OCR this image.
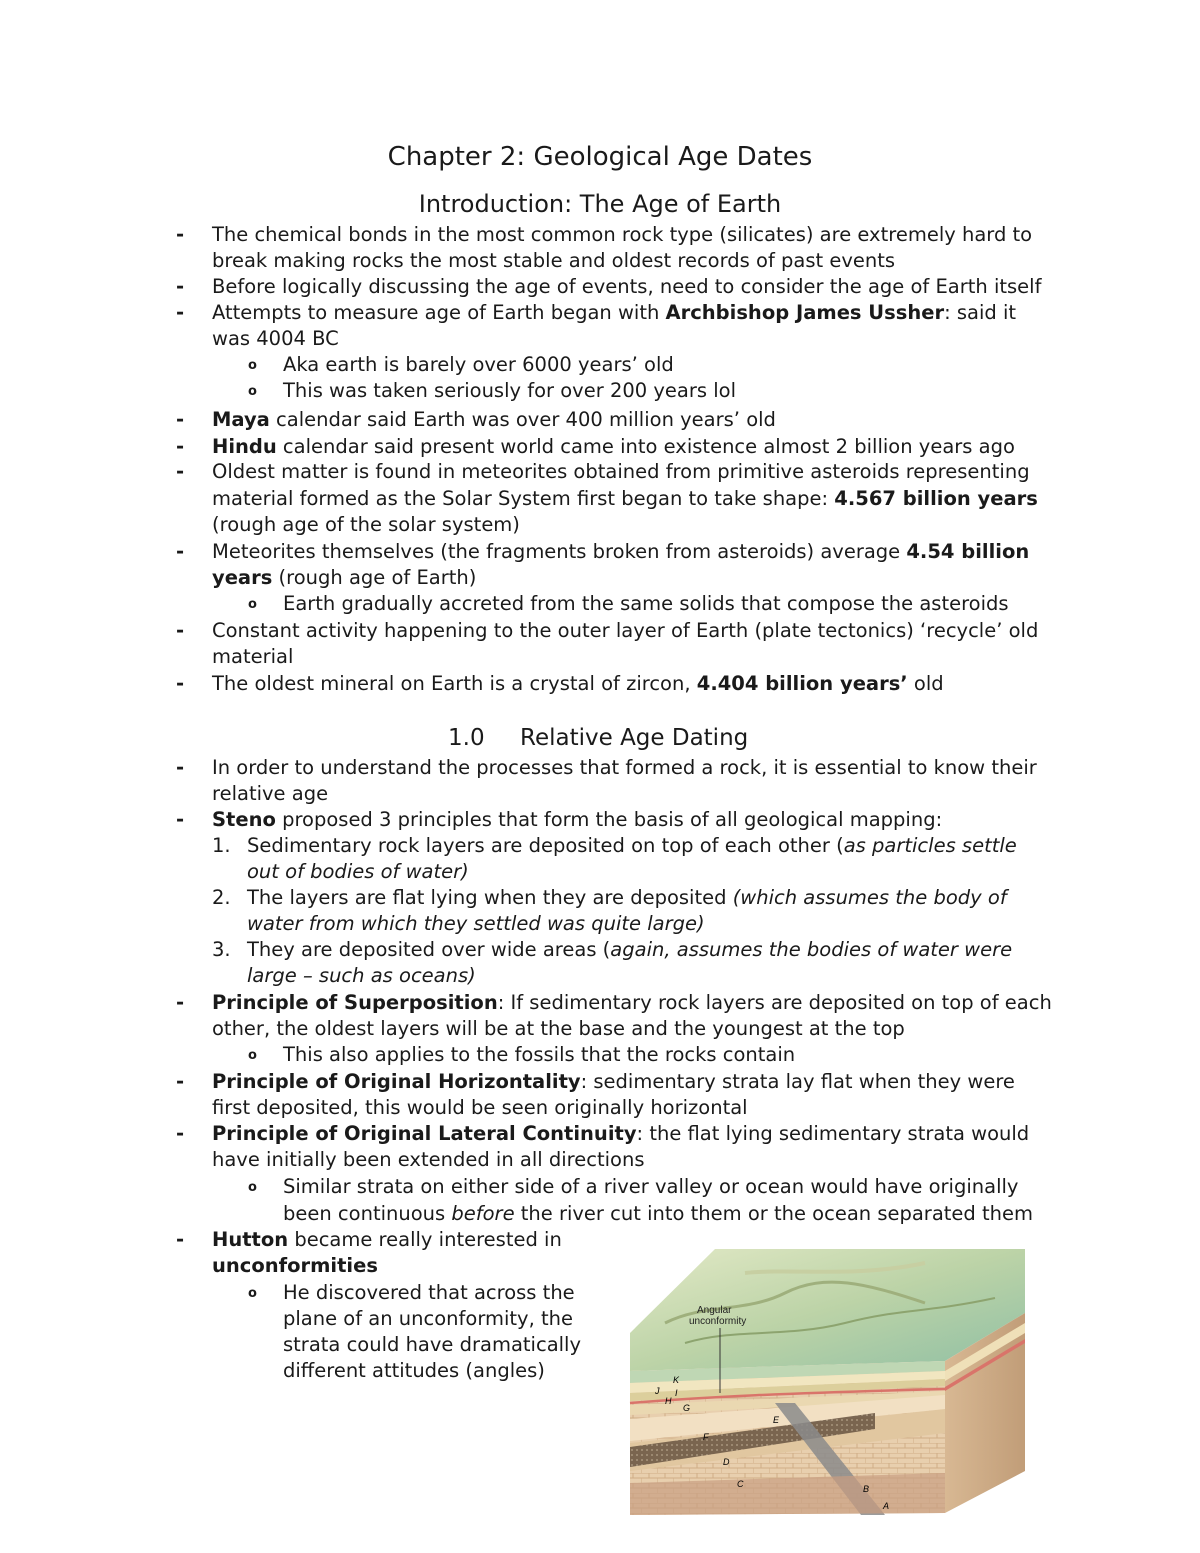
Chapter 2: Geological Age Dates
Introduction: The Age of Earth
- The chemical bonds in the most common rock type (silicates) are extremely hard to
break making rocks the most stable and oldest records of past events
- Before logically discussing the age of events, need to consider the age of Earth itself
- Attempts to measure age of Earth began with Archbishop James Ussher: said it
was 4004 BC
o Aka earth is barely over 6000 years’ old
o This was taken seriously for over 200 years lol
- Maya calendar said Earth was over 400 million years’ old
- Hindu calendar said present world came into existence almost 2 billion years ago
- Oldest matter is found in meteorites obtained from primitive asteroids representing
material formed as the Solar System first began to take shape: 4.567 billion years
(rough age of the solar system)
- Meteorites themselves (the fragments broken from asteroids) average 4.54 billion
years (rough age of Earth)
o Earth gradually accreted from the same solids that compose the asteroids
- Constant activity happening to the outer layer of Earth (plate tectonics) ‘recycle’ old
material
- The oldest mineral on Earth is a crystal of zircon, 4.404 billion years’ old
1.0 Relative Age Dating
- In order to understand the processes that formed a rock, it is essential to know their
relative age
- Steno proposed 3 principles that form the basis of all geological mapping:
1. Sedimentary rock layers are deposited on top of each other (as particles settle
out of bodies of water)
2. The layers are flat lying when they are deposited (which assumes the body of
water from which they settled was quite large)
3. They are deposited over wide areas (again, assumes the bodies of water were
large – such as oceans)
- Principle of Superposition: If sedimentary rock layers are deposited on top of each
other, the oldest layers will be at the base and the youngest at the top
o This also applies to the fossils that the rocks contain
- Principle of Original Horizontality: sedimentary strata lay flat when they were
first deposited, this would be seen originally horizontal
- Principle of Original Lateral Continuity: the flat lying sedimentary strata would
have initially been extended in all directions
o Similar strata on either side of a river valley or ocean would have originally
been continuous before the river cut into them or the ocean separated them
- Hutton became really interested in
unconformities
o He discovered that across the
plane of an unconformity, the
strata could have dramatically
different attitudes (angles)
Angular
unconformity
K
J I
H
G
F
E
D
C	B
A
